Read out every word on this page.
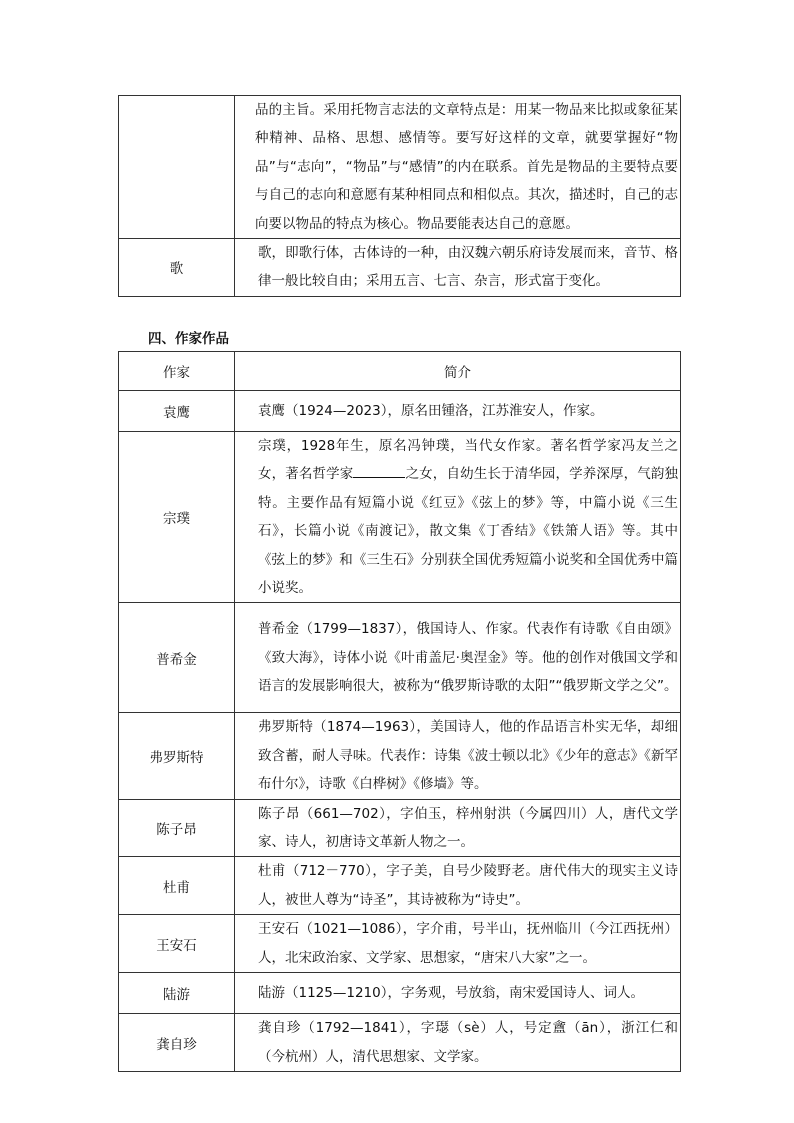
	品的主旨。采用托物言志法的文章特点是：用某一物品来比拟或象征某种精神、品格、思想、感情等。要写好这样的文章，就要掌握好“物品”与“志向”，“物品”与“感情”的内在联系。首先是物品的主要特点要与自己的志向和意愿有某种相同点和相似点。其次，描述时，自己的志向要以物品的特点为核心。物品要能表达自己的意愿。
歌	歌，即歌行体，古体诗的一种，由汉魏六朝乐府诗发展而来，音节、格律一般比较自由；采用五言、七言、杂言，形式富于变化。
四、作家作品
作家	简介
袁鹰	袁鹰（1924—2023），原名田锺洛，江苏淮安人，作家。
宗璞	宗璞，1928年生，原名冯钟璞，当代女作家。著名哲学家冯友兰之女，著名哲学家 之女，自幼生长于清华园，学养深厚，气韵独特。主要作品有短篇小说《红豆》《弦上的梦》等，中篇小说《三生石》，长篇小说《南渡记》，散文集《丁香结》《铁箫人语》等。其中《弦上的梦》和《三生石》分别获全国优秀短篇小说奖和全国优秀中篇小说奖。
普希金	普希金（1799—1837），俄国诗人、作家。代表作有诗歌《自由颂》《致大海》，诗体小说《叶甫盖尼·奥涅金》等。他的创作对俄国文学和语言的发展影响很大，被称为“俄罗斯诗歌的太阳”“俄罗斯文学之父”。
弗罗斯特	弗罗斯特（1874—1963），美国诗人，他的作品语言朴实无华，却细致含蓄，耐人寻味。代表作：诗集《波士顿以北》《少年的意志》《新罕布什尔》，诗歌《白桦树》《修墙》等。
陈子昂	陈子昂（661—702），字伯玉，梓州射洪（今属四川）人，唐代文学家、诗人，初唐诗文革新人物之一。
杜甫	杜甫（712－770），字子美，自号少陵野老。唐代伟大的现实主义诗人，被世人尊为“诗圣”，其诗被称为“诗史”。
王安石	王安石（1021—1086），字介甫，号半山，抚州临川（今江西抚州）人，北宋政治家、文学家、思想家，“唐宋八大家”之一。
陆游	陆游（1125—1210），字务观，号放翁，南宋爱国诗人、词人。
龚自珍	龚自珍（1792—1841），字璱（sè）人，号定盦（ān），浙江仁和（今杭州）人，清代思想家、文学家。
